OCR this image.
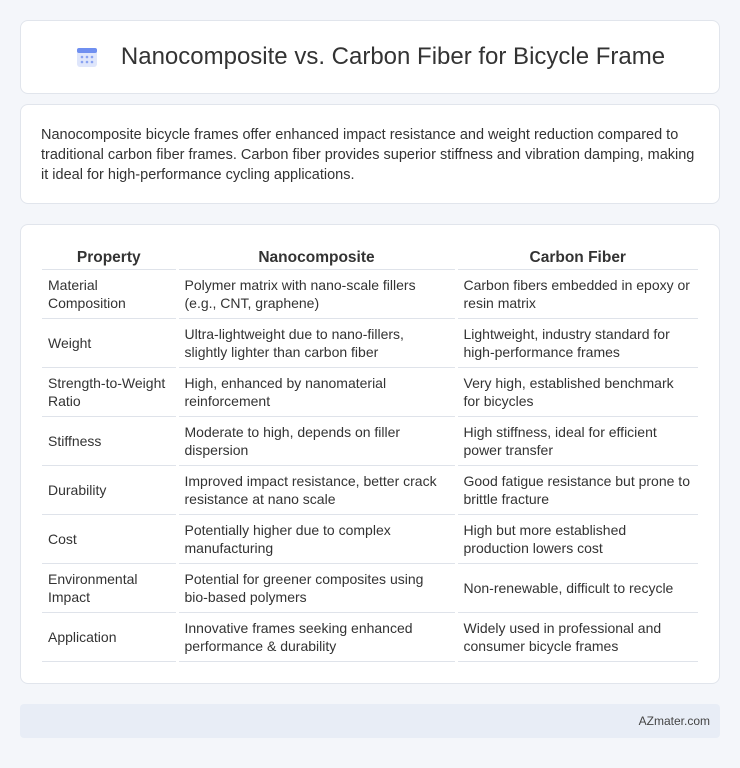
Nanocomposite vs. Carbon Fiber for Bicycle Frame

Nanocomposite bicycle frames offer enhanced impact resistance and weight reduction compared to traditional carbon fiber frames. Carbon fiber provides superior stiffness and vibration damping, making it ideal for high-performance cycling applications.

Property	Nanocomposite	Carbon Fiber
Material Composition	Polymer matrix with nano-scale fillers (e.g., CNT, graphene)	Carbon fibers embedded in epoxy or resin matrix
Weight	Ultra-lightweight due to nano-fillers, slightly lighter than carbon fiber	Lightweight, industry standard for high-performance frames
Strength-to-Weight Ratio	High, enhanced by nanomaterial reinforcement	Very high, established benchmark for bicycles
Stiffness	Moderate to high, depends on filler dispersion	High stiffness, ideal for efficient power transfer
Durability	Improved impact resistance, better crack resistance at nano scale	Good fatigue resistance but prone to brittle fracture
Cost	Potentially higher due to complex manufacturing	High but more established production lowers cost
Environmental Impact	Potential for greener composites using bio-based polymers	Non-renewable, difficult to recycle
Application	Innovative frames seeking enhanced performance & durability	Widely used in professional and consumer bicycle frames
AZmater.com
